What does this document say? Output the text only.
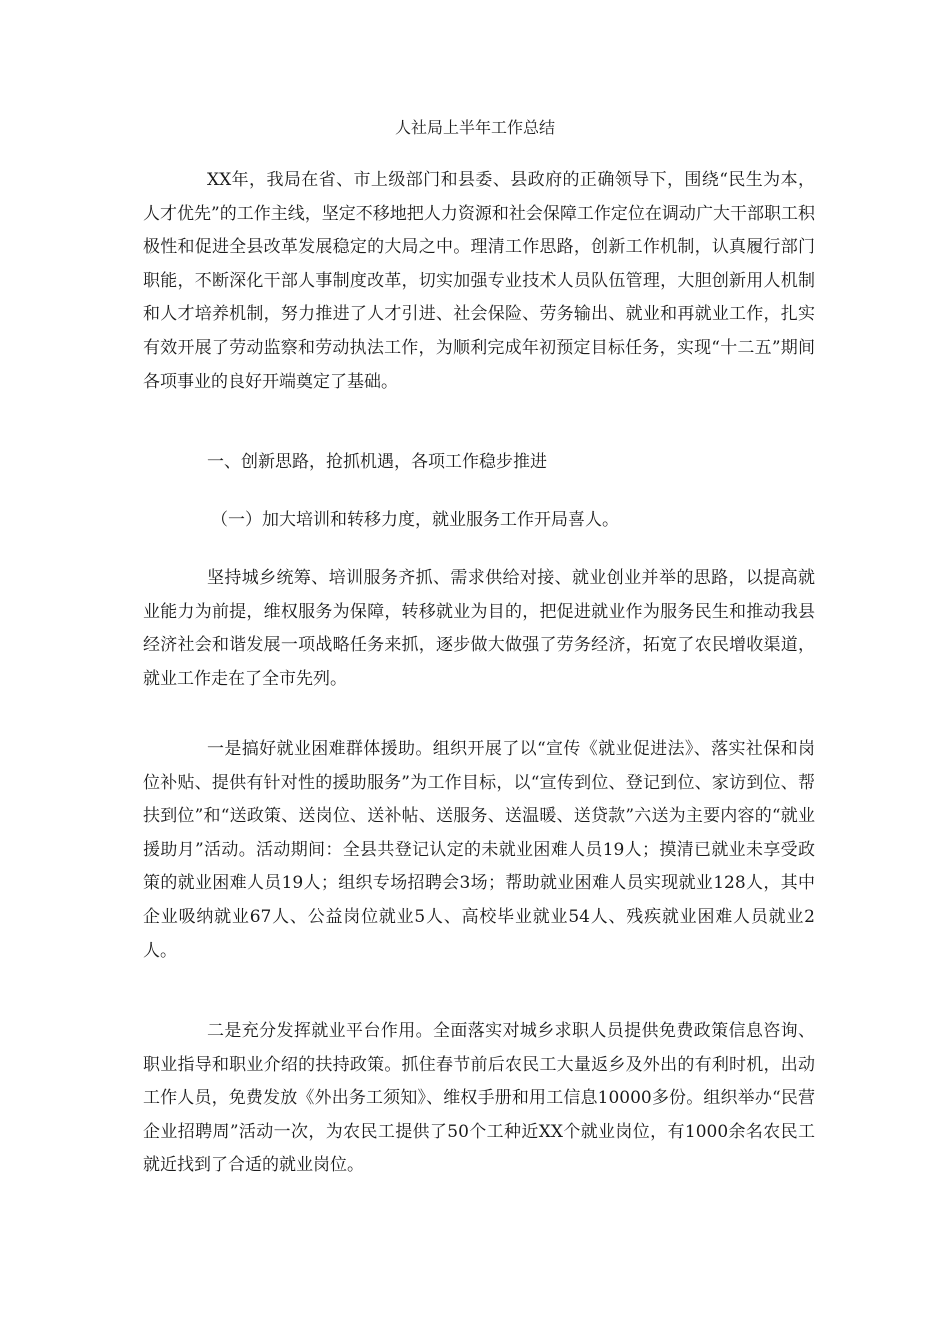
人社局上半年工作总结

XX年，我局在省、市上级部门和县委、县政府的正确领导下，围绕“民生为本，人才优先”的工作主线，坚定不移地把人力资源和社会保障工作定位在调动广大干部职工积极性和促进全县改革发展稳定的大局之中。理清工作思路，创新工作机制，认真履行部门职能，不断深化干部人事制度改革，切实加强专业技术人员队伍管理，大胆创新用人机制和人才培养机制，努力推进了人才引进、社会保险、劳务输出、就业和再就业工作，扎实有效开展了劳动监察和劳动执法工作，为顺利完成年初预定目标任务，实现“十二五”期间各项事业的良好开端奠定了基础。

一、创新思路，抢抓机遇，各项工作稳步推进

（一）加大培训和转移力度，就业服务工作开局喜人。

坚持城乡统筹、培训服务齐抓、需求供给对接、就业创业并举的思路，以提高就业能力为前提，维权服务为保障，转移就业为目的，把促进就业作为服务民生和推动我县经济社会和谐发展一项战略任务来抓，逐步做大做强了劳务经济，拓宽了农民增收渠道，就业工作走在了全市先列。

一是搞好就业困难群体援助。组织开展了以“宣传《就业促进法》、落实社保和岗位补贴、提供有针对性的援助服务”为工作目标，以“宣传到位、登记到位、家访到位、帮扶到位”和“送政策、送岗位、送补帖、送服务、送温暖、送贷款”六送为主要内容的“就业援助月”活动。活动期间：全县共登记认定的未就业困难人员19人；摸清已就业未享受政策的就业困难人员19人；组织专场招聘会3场；帮助就业困难人员实现就业128人，其中企业吸纳就业67人、公益岗位就业5人、高校毕业就业54人、残疾就业困难人员就业2人。

二是充分发挥就业平台作用。全面落实对城乡求职人员提供免费政策信息咨询、职业指导和职业介绍的扶持政策。抓住春节前后农民工大量返乡及外出的有利时机，出动工作人员，免费发放《外出务工须知》、维权手册和用工信息10000多份。组织举办“民营企业招聘周”活动一次，为农民工提供了50个工种近XX个就业岗位，有1000余名农民工就近找到了合适的就业岗位。
